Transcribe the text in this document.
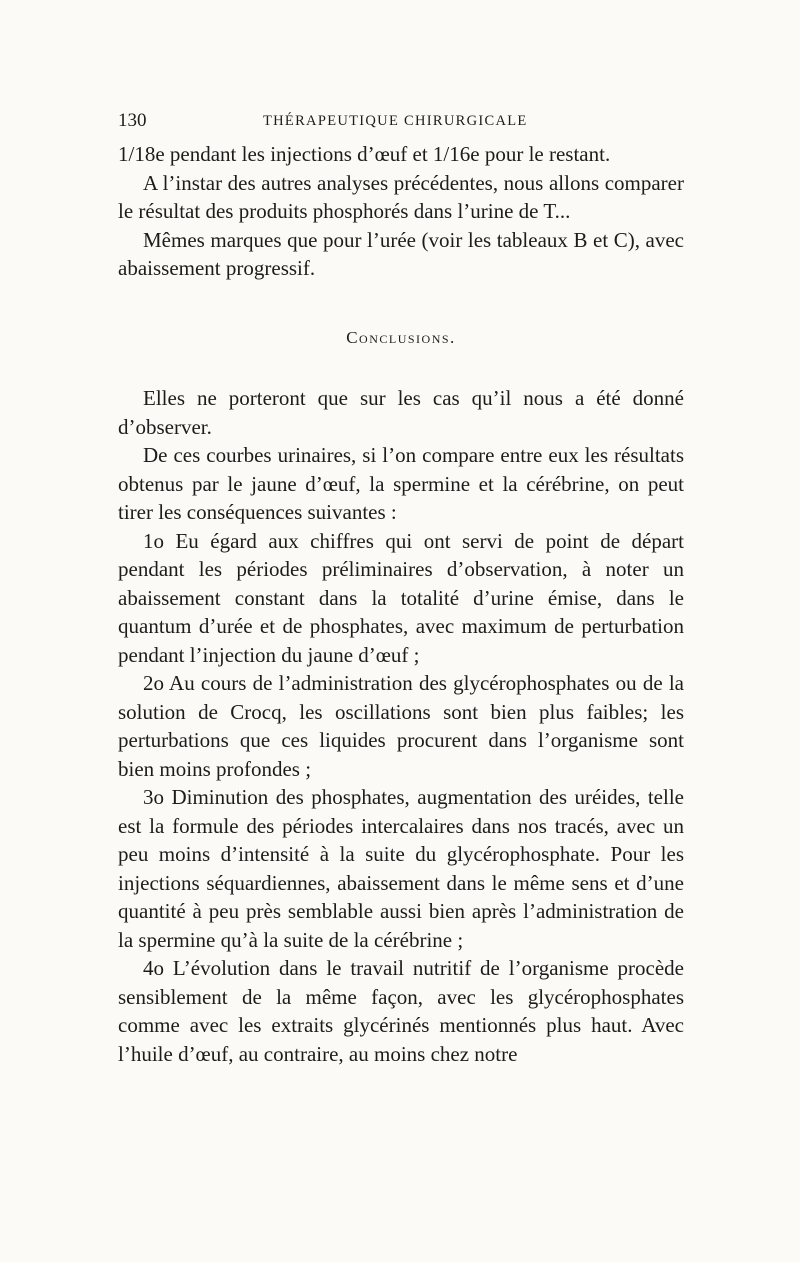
130	THÉRAPEUTIQUE CHIRURGICALE

1/18e pendant les injections d’œuf et 1/16e pour le restant.

A l’instar des autres analyses précédentes, nous allons comparer le résultat des produits phosphorés dans l’urine de T...

Mêmes marques que pour l’urée (voir les tableaux B et C), avec abaissement progressif.

Conclusions.

Elles ne porteront que sur les cas qu’il nous a été donné d’observer.

De ces courbes urinaires, si l’on compare entre eux les résultats obtenus par le jaune d’œuf, la spermine et la cérébrine, on peut tirer les conséquences suivantes :

1o Eu égard aux chiffres qui ont servi de point de départ pendant les périodes préliminaires d’observation, à noter un abaissement constant dans la totalité d’urine émise, dans le quantum d’urée et de phosphates, avec maximum de perturbation pendant l’injection du jaune d’œuf ;

2o Au cours de l’administration des glycérophosphates ou de la solution de Crocq, les oscillations sont bien plus faibles; les perturbations que ces liquides procurent dans l’organisme sont bien moins profondes ;

3o Diminution des phosphates, augmentation des uréides, telle est la formule des périodes intercalaires dans nos tracés, avec un peu moins d’intensité à la suite du glycérophosphate. Pour les injections séquardiennes, abaissement dans le même sens et d’une quantité à peu près semblable aussi bien après l’administration de la spermine qu’à la suite de la cérébrine ;

4o L’évolution dans le travail nutritif de l’organisme procède sensiblement de la même façon, avec les glycérophosphates comme avec les extraits glycérinés mentionnés plus haut. Avec l’huile d’œuf, au contraire, au moins chez notre
